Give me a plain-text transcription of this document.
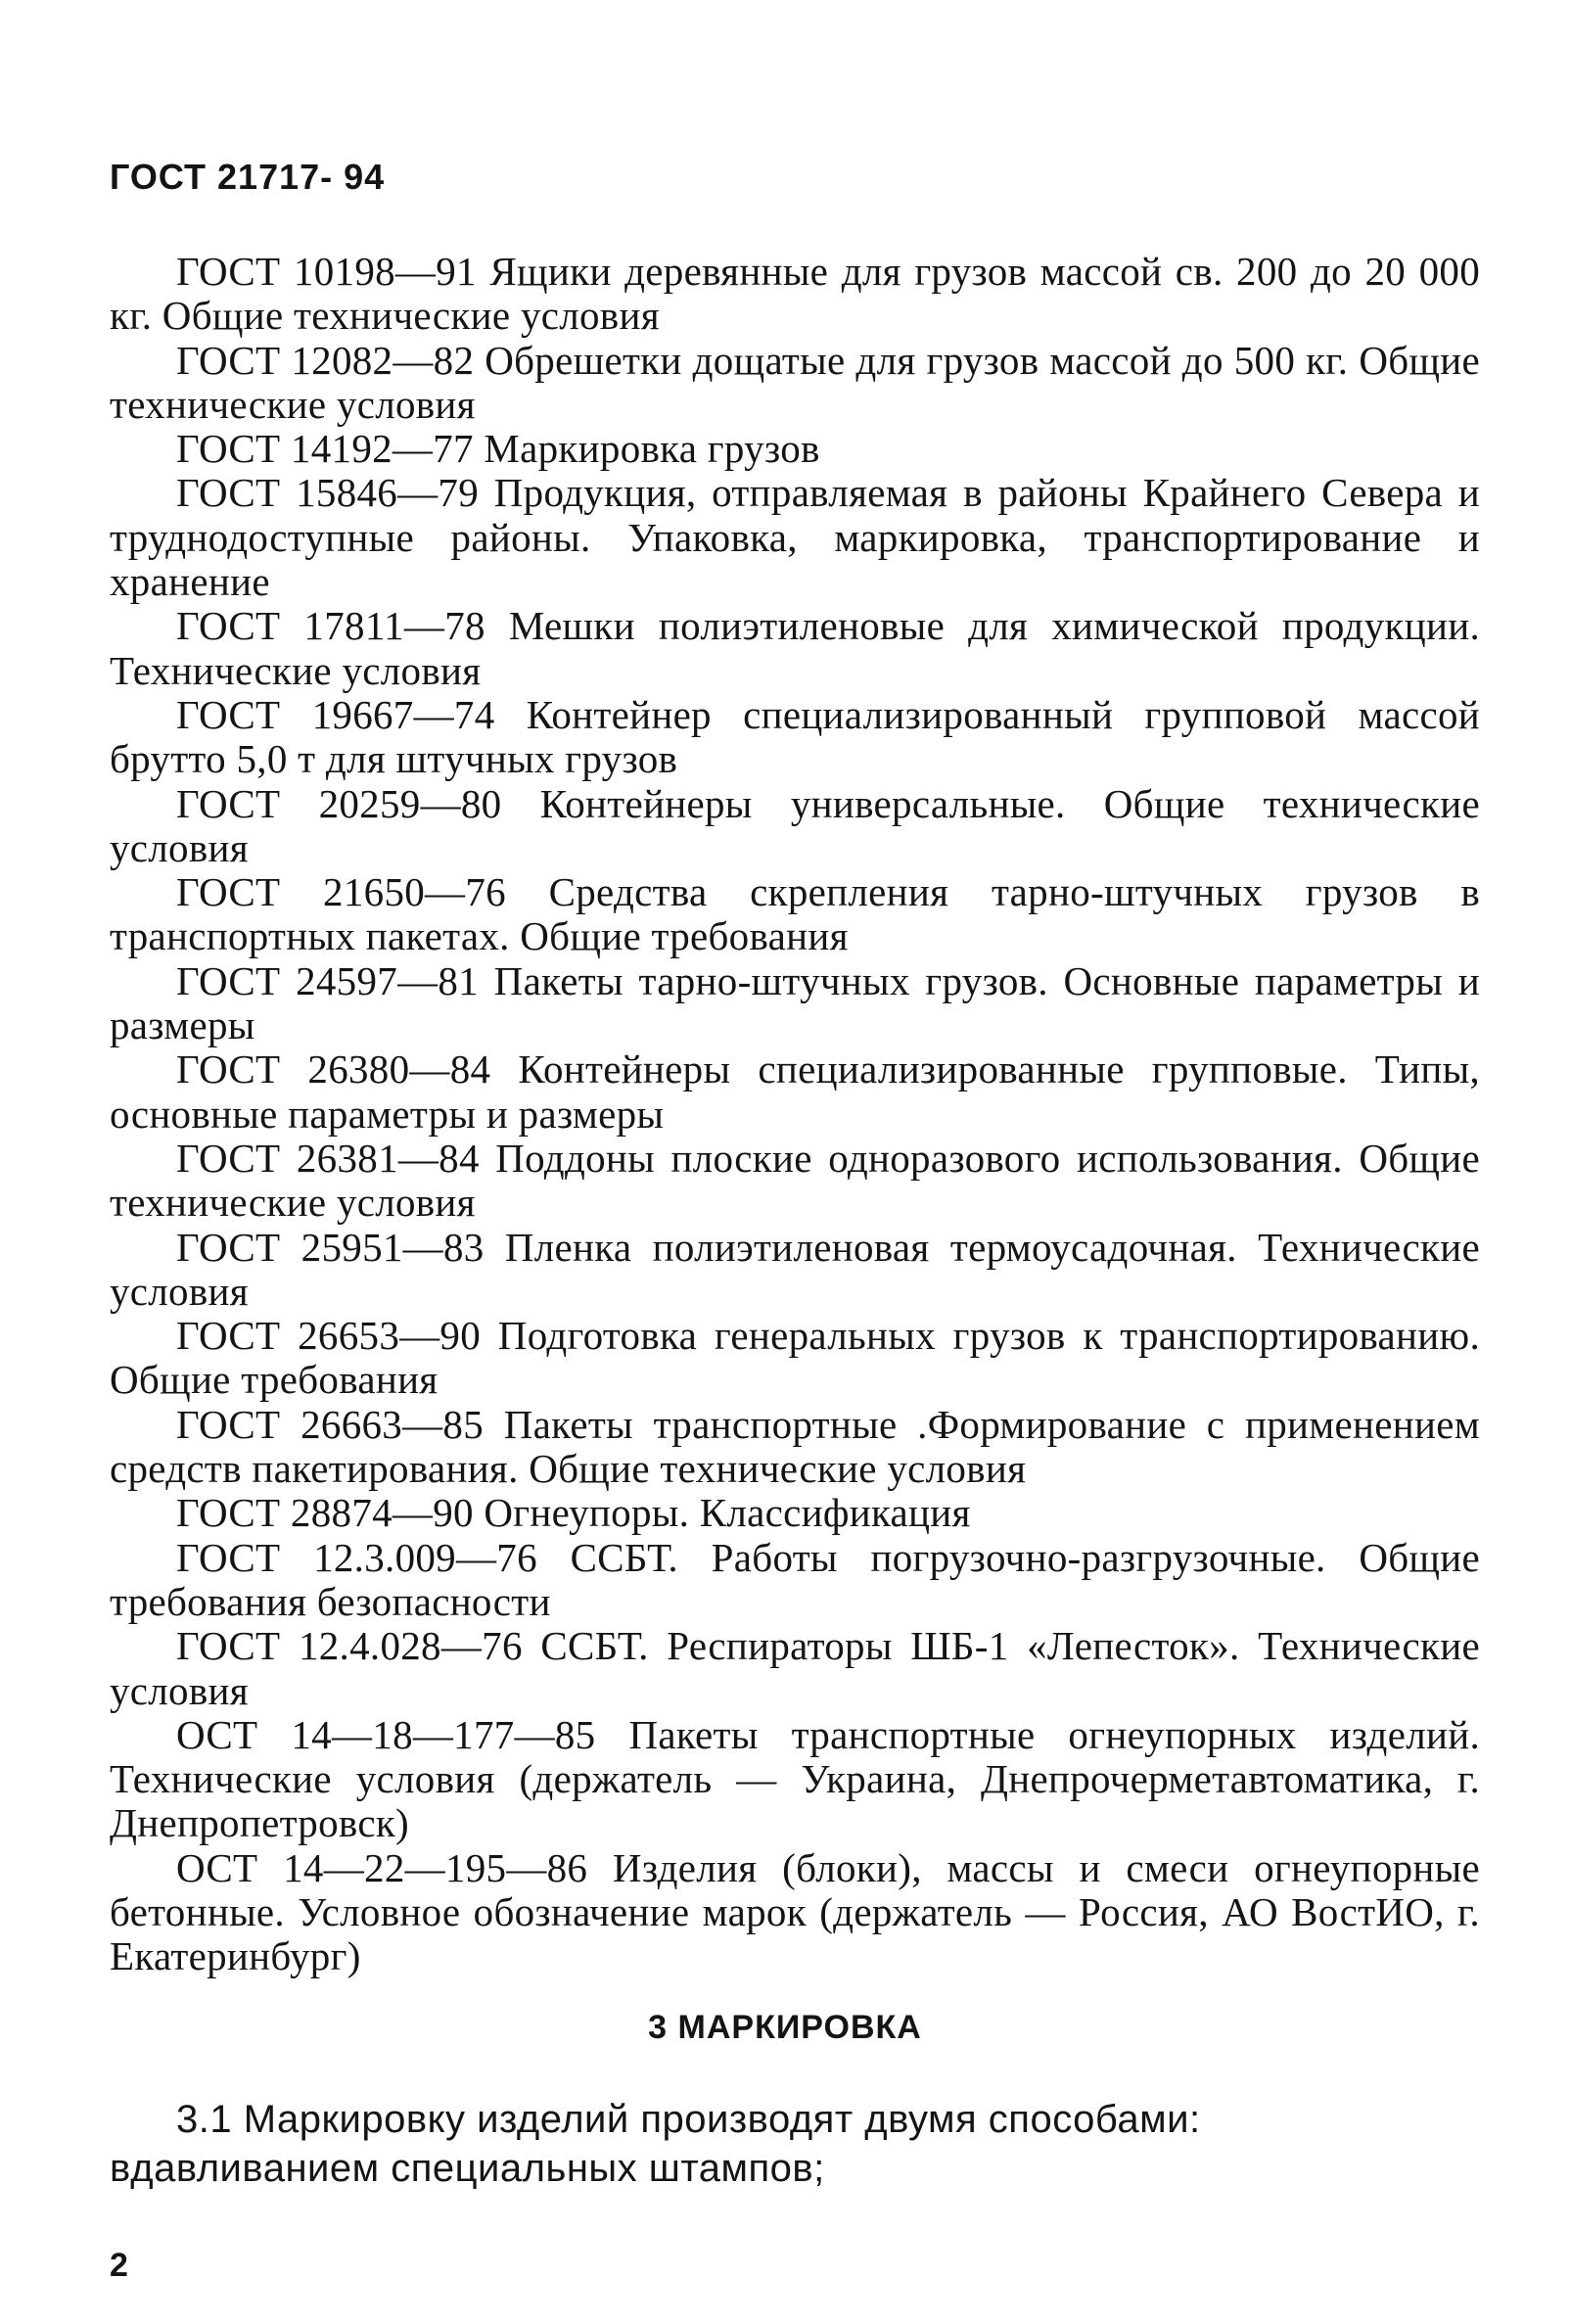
ГОСТ 21717- 94

ГОСТ 10198—91 Ящики деревянные для грузов массой св. 200 до 20 000 кг. Общие технические условия

ГОСТ 12082—82 Обрешетки дощатые для грузов массой до 500 кг. Общие технические условия

ГОСТ 14192—77 Маркировка грузов

ГОСТ 15846—79 Продукция, отправляемая в районы Крайнего Севера и труднодоступные районы. Упаковка, маркировка, транспортирование и хранение

ГОСТ 17811—78 Мешки полиэтиленовые для химической продукции. Технические условия

ГОСТ 19667—74 Контейнер специализированный групповой массой брутто 5,0 т для штучных грузов

ГОСТ 20259—80 Контейнеры универсальные. Общие технические условия

ГОСТ 21650—76 Средства скрепления тарно-штучных грузов в транспортных пакетах. Общие требования

ГОСТ 24597—81 Пакеты тарно-штучных грузов. Основные параметры и размеры

ГОСТ 26380—84 Контейнеры специализированные групповые. Типы, основные параметры и размеры

ГОСТ 26381—84 Поддоны плоские одноразового использования. Общие технические условия

ГОСТ 25951—83 Пленка полиэтиленовая термоусадочная. Технические условия

ГОСТ 26653—90 Подготовка генеральных грузов к транспортированию. Общие требования

ГОСТ 26663—85 Пакеты транспортные .Формирование с применением средств пакетирования. Общие технические условия

ГОСТ 28874—90 Огнеупоры. Классификация

ГОСТ 12.3.009—76 ССБТ. Работы погрузочно-разгрузочные. Общие требования безопасности

ГОСТ 12.4.028—76 ССБТ. Респираторы ШБ-1 «Лепесток». Технические условия

ОСТ 14—18—177—85 Пакеты транспортные огнеупорных изделий. Технические условия (держатель — Украина, Днепрочерметавтоматика, г. Днепропетровск)

ОСТ 14—22—195—86 Изделия (блоки), массы и смеси огнеупорные бетонные. Условное обозначение марок (держатель — Россия, АО ВостИО, г. Екатеринбург)

3 МАРКИРОВКА

3.1 Маркировку изделий производят двумя способами:

вдавливанием специальных штампов;

2
